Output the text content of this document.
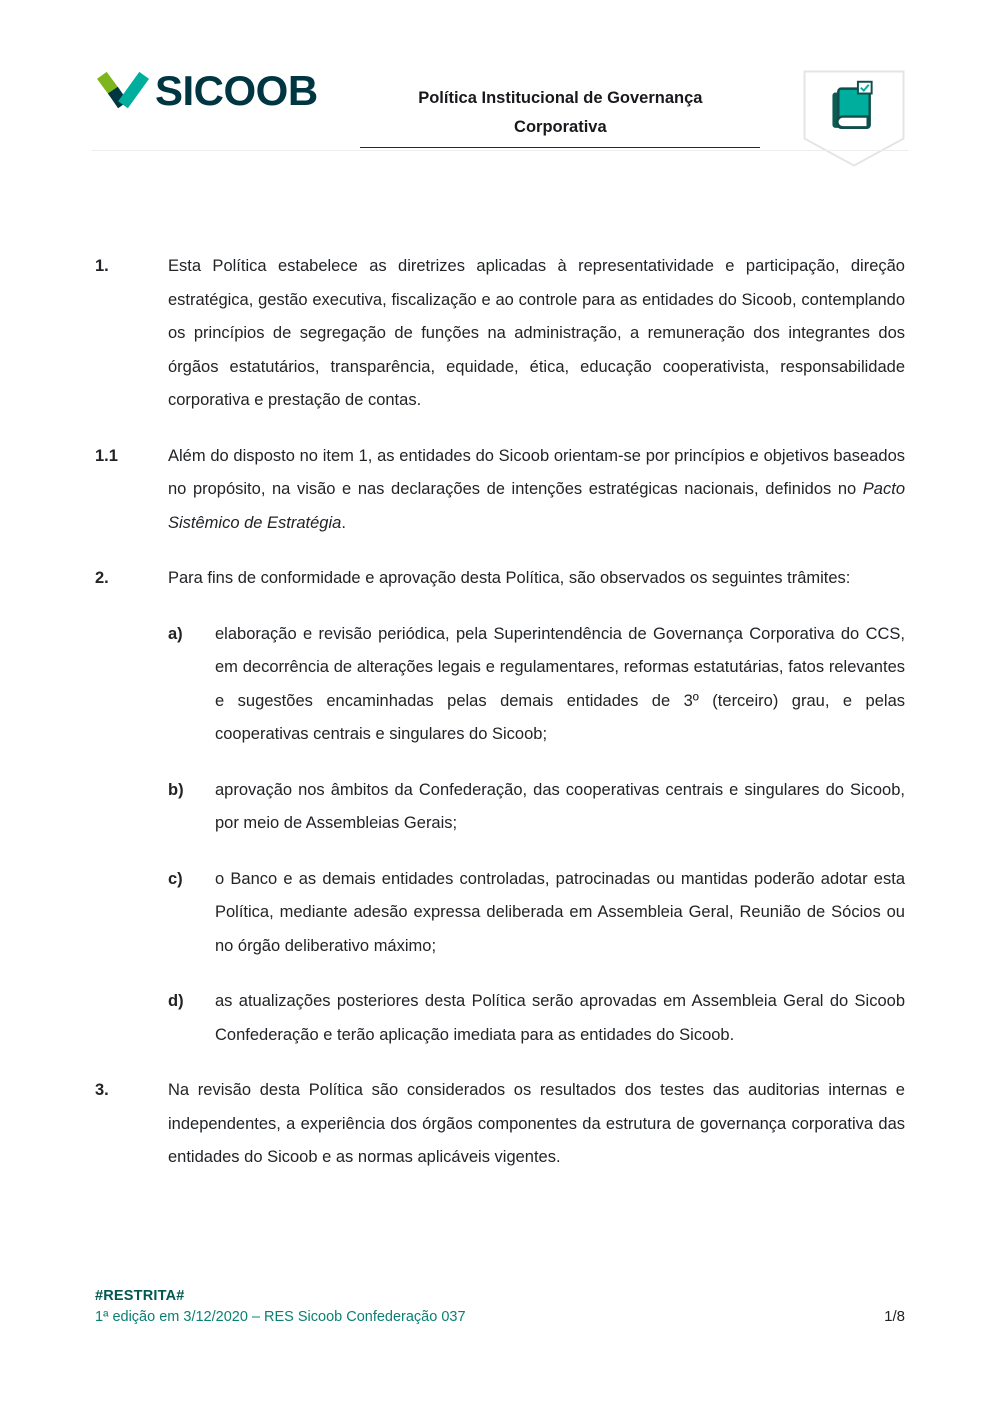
SICOOB	Política Institucional de Governança
Corporativa
1.	Esta Política estabelece as diretrizes aplicadas à representatividade e participação, direção estratégica, gestão executiva, fiscalização e ao controle para as entidades do Sicoob, contemplando os princípios de segregação de funções na administração, a remuneração dos integrantes dos órgãos estatutários, transparência, equidade, ética, educação cooperativista, responsabilidade corporativa e prestação de contas.

1.1	Além do disposto no item 1, as entidades do Sicoob orientam-se por princípios e objetivos baseados no propósito, na visão e nas declarações de intenções estratégicas nacionais, definidos no Pacto Sistêmico de Estratégia.

2.	Para fins de conformidade e aprovação desta Política, são observados os seguintes trâmites:

a)	elaboração e revisão periódica, pela Superintendência de Governança Corporativa do CCS, em decorrência de alterações legais e regulamentares, reformas estatutárias, fatos relevantes e sugestões encaminhadas pelas demais entidades de 3º (terceiro) grau, e pelas cooperativas centrais e singulares do Sicoob;

b)	aprovação nos âmbitos da Confederação, das cooperativas centrais e singulares do Sicoob, por meio de Assembleias Gerais;

c)	o Banco e as demais entidades controladas, patrocinadas ou mantidas poderão adotar esta Política, mediante adesão expressa deliberada em Assembleia Geral, Reunião de Sócios ou no órgão deliberativo máximo;

d)	as atualizações posteriores desta Política serão aprovadas em Assembleia Geral do Sicoob Confederação e terão aplicação imediata para as entidades do Sicoob.

3.	Na revisão desta Política são considerados os resultados dos testes das auditorias internas e independentes, a experiência dos órgãos componentes da estrutura de governança corporativa das entidades do Sicoob e as normas aplicáveis vigentes.

#RESTRITA#
1ª edição em 3/12/2020 – RES Sicoob Confederação 037	1/8
